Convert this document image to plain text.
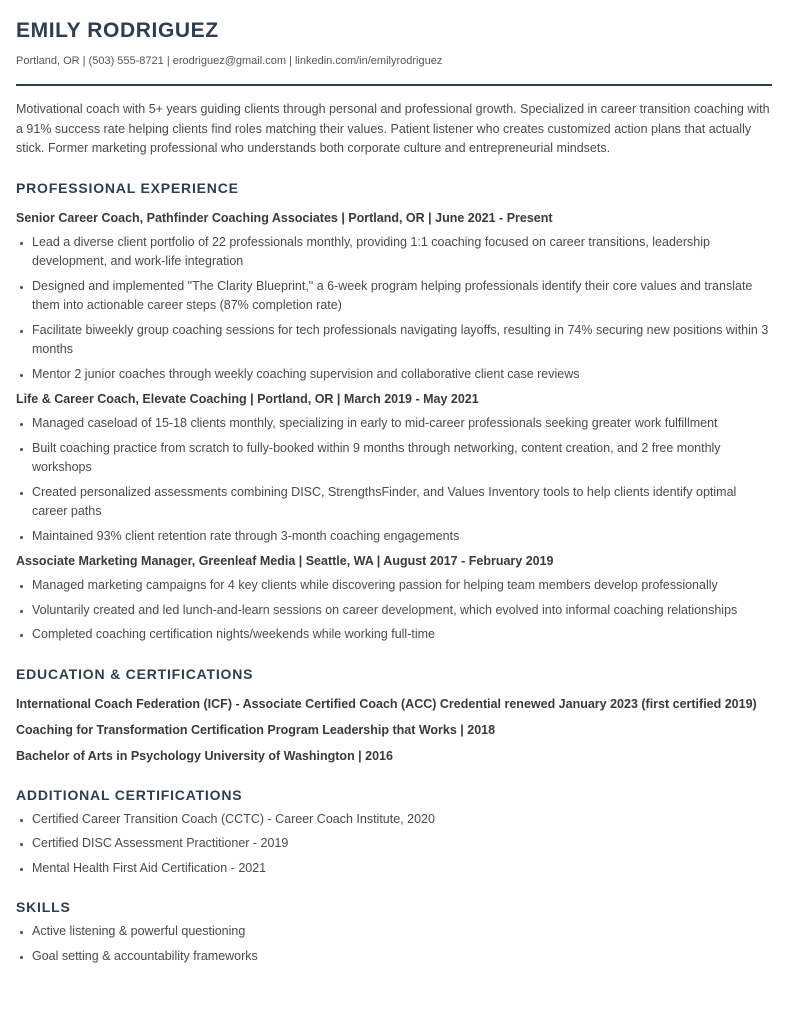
EMILY RODRIGUEZ
Portland, OR | (503) 555-8721 | erodriguez@gmail.com | linkedin.com/in/emilyrodriguez

Motivational coach with 5+ years guiding clients through personal and professional growth. Specialized in career transition coaching with a 91% success rate helping clients find roles matching their values. Patient listener who creates customized action plans that actually stick. Former marketing professional who understands both corporate culture and entrepreneurial mindsets.

PROFESSIONAL EXPERIENCE
Senior Career Coach, Pathfinder Coaching Associates | Portland, OR | June 2021 - Present
• Lead a diverse client portfolio of 22 professionals monthly, providing 1:1 coaching focused on career transitions, leadership development, and work-life integration
• Designed and implemented "The Clarity Blueprint," a 6-week program helping professionals identify their core values and translate them into actionable career steps (87% completion rate)
• Facilitate biweekly group coaching sessions for tech professionals navigating layoffs, resulting in 74% securing new positions within 3 months
• Mentor 2 junior coaches through weekly coaching supervision and collaborative client case reviews
Life & Career Coach, Elevate Coaching | Portland, OR | March 2019 - May 2021
• Managed caseload of 15-18 clients monthly, specializing in early to mid-career professionals seeking greater work fulfillment
• Built coaching practice from scratch to fully-booked within 9 months through networking, content creation, and 2 free monthly workshops
• Created personalized assessments combining DISC, StrengthsFinder, and Values Inventory tools to help clients identify optimal career paths
• Maintained 93% client retention rate through 3-month coaching engagements
Associate Marketing Manager, Greenleaf Media | Seattle, WA | August 2017 - February 2019
• Managed marketing campaigns for 4 key clients while discovering passion for helping team members develop professionally
• Voluntarily created and led lunch-and-learn sessions on career development, which evolved into informal coaching relationships
• Completed coaching certification nights/weekends while working full-time
EDUCATION & CERTIFICATIONS
International Coach Federation (ICF) - Associate Certified Coach (ACC) Credential renewed January 2023 (first certified 2019)
Coaching for Transformation Certification Program Leadership that Works | 2018
Bachelor of Arts in Psychology University of Washington | 2016
ADDITIONAL CERTIFICATIONS
• Certified Career Transition Coach (CCTC) - Career Coach Institute, 2020
• Certified DISC Assessment Practitioner - 2019
• Mental Health First Aid Certification - 2021
SKILLS
• Active listening & powerful questioning
• Goal setting & accountability frameworks
